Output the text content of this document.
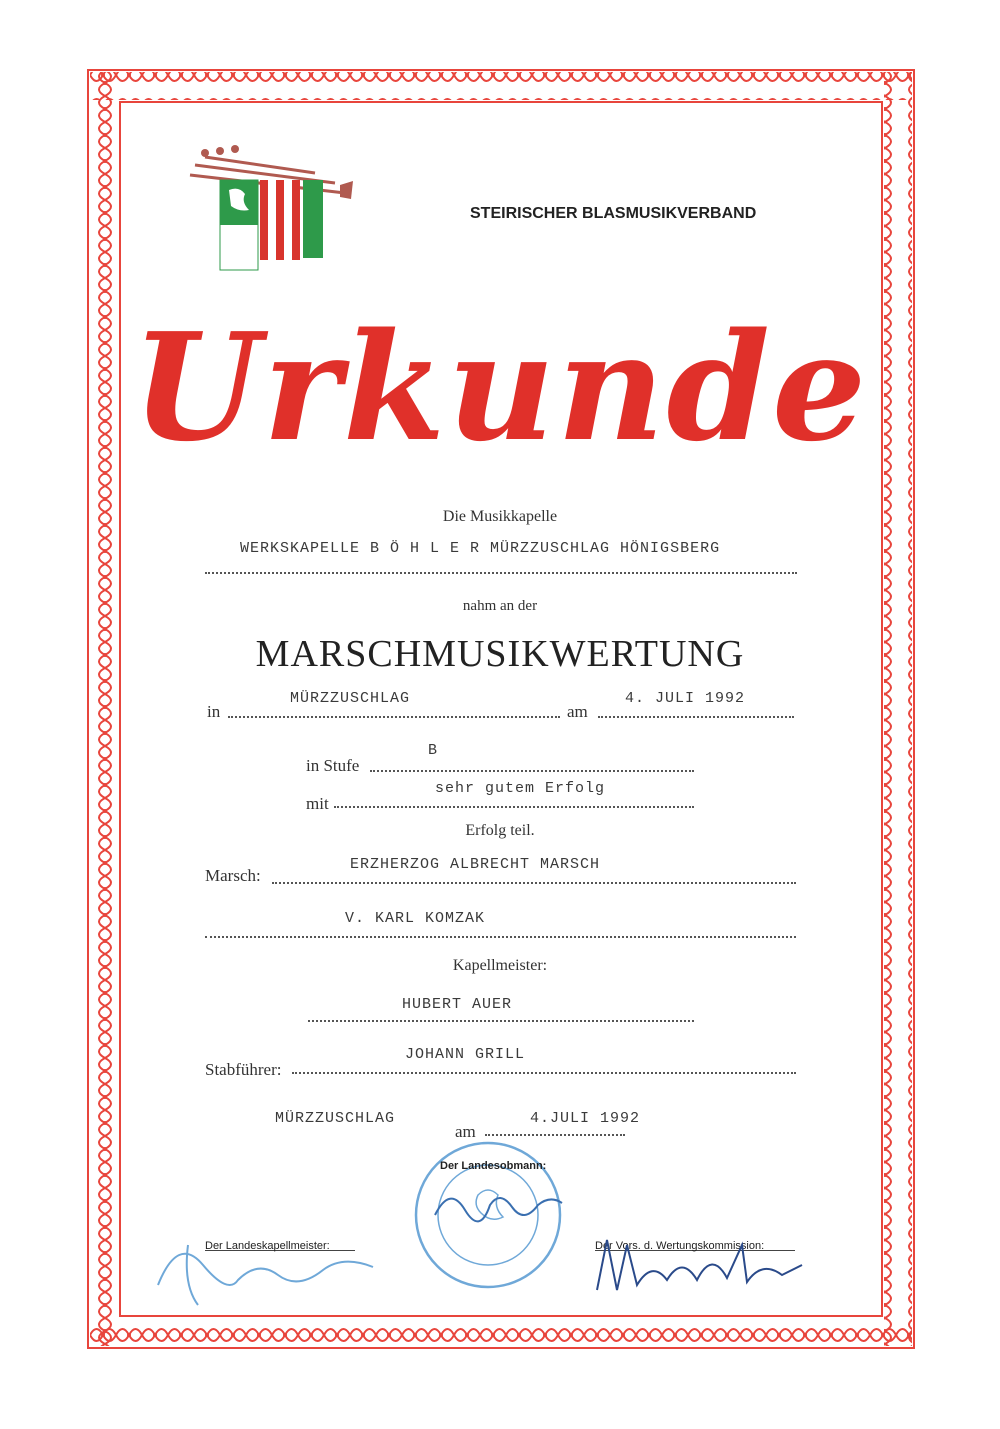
STEIRISCHER BLASMUSIKVERBAND
Urkunde
Die Musikkapelle
WERKSKAPELLE B Ö H L E R MÜRZZUSCHLAG HÖNIGSBERG
nahm an der
MARSCHMUSIKWERTUNG
in
MÜRZZUSCHLAG
am
4. JULI 1992
in Stufe
B
mit
sehr gutem Erfolg
Erfolg teil.
Marsch:
ERZHERZOG ALBRECHT MARSCH
V. KARL KOMZAK
Kapellmeister:
HUBERT AUER
Stabführer:
JOHANN GRILL
MÜRZZUSCHLAG
am
4.JULI 1992
Der Landesobmann:
Der Landeskapellmeister:	Der Vors. d. Wertungskommission:
